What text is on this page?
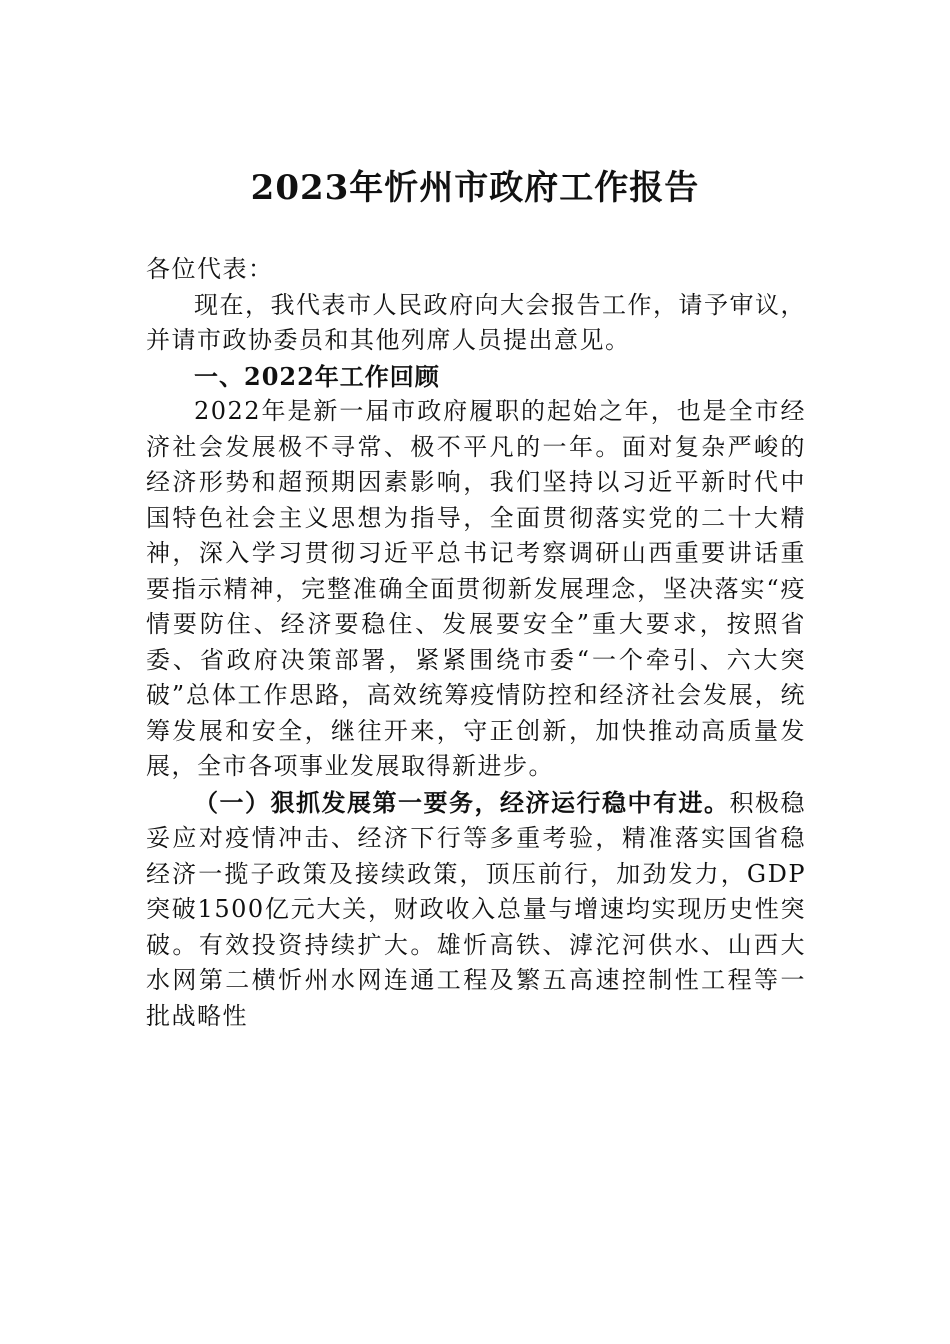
2023年忻州市政府工作报告

各位代表：

现在，我代表市人民政府向大会报告工作，请予审议，并请市政协委员和其他列席人员提出意见。

一、2022年工作回顾

2022年是新一届市政府履职的起始之年，也是全市经济社会发展极不寻常、极不平凡的一年。面对复杂严峻的经济形势和超预期因素影响，我们坚持以习近平新时代中国特色社会主义思想为指导，全面贯彻落实党的二十大精神，深入学习贯彻习近平总书记考察调研山西重要讲话重要指示精神，完整准确全面贯彻新发展理念，坚决落实“疫情要防住、经济要稳住、发展要安全”重大要求，按照省委、省政府决策部署，紧紧围绕市委“一个牵引、六大突破”总体工作思路，高效统筹疫情防控和经济社会发展，统筹发展和安全，继往开来，守正创新，加快推动高质量发展，全市各项事业发展取得新进步。

（一）狠抓发展第一要务，经济运行稳中有进。积极稳妥应对疫情冲击、经济下行等多重考验，精准落实国省稳经济一揽子政策及接续政策，顶压前行，加劲发力，GDP突破1500亿元大关，财政收入总量与增速均实现历史性突破。有效投资持续扩大。雄忻高铁、滹沱河供水、山西大水网第二横忻州水网连通工程及繁五高速控制性工程等一批战略性
